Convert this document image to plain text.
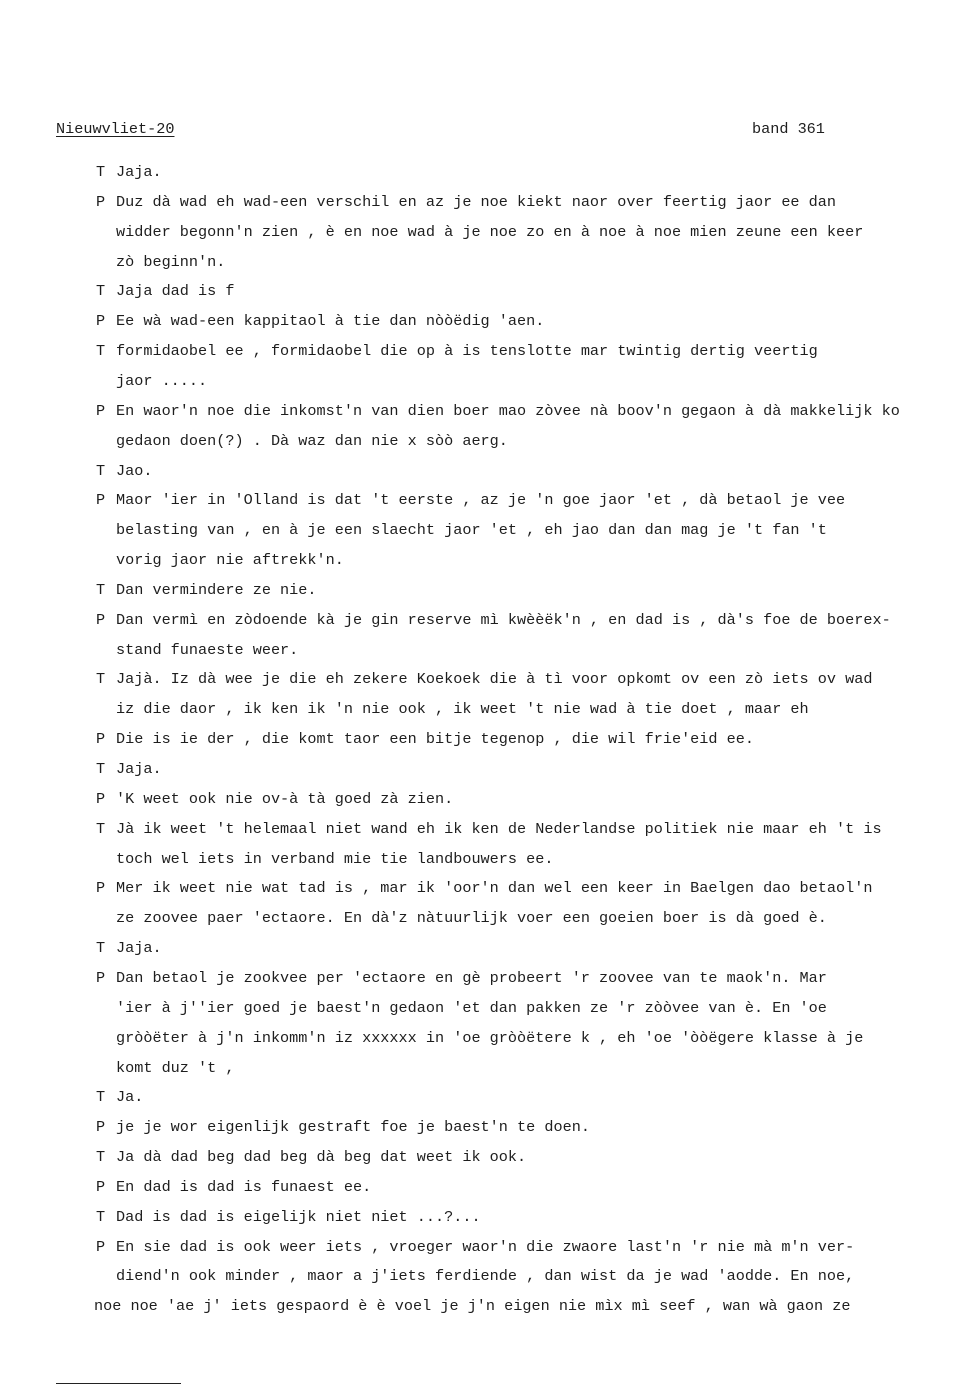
Nieuwvliet-20	band 361
T Jaja.
P Duz dà wad eh wad-een verschil en az je noe kiekt naor over feertig jaor ee dan
widder begonn'n zien , è en noe wad à je noe zo en à noe à noe mien zeune een keer
zò beginn'n.
T Jaja dad is f
P Ee wà wad-een kappitaol à tie dan nòòëdig 'aen.
T formidaobel ee , formidaobel die op à is tenslotte mar twintig dertig veertig
jaor .....
P En waor'n noe die inkomst'n van dien boer mao zòvee nà boov'n gegaon à dà makkelijk ko
gedaon doen(?) . Dà waz dan nie x sòò aerg.
T Jao.
P Maor 'ier in 'Olland is dat 't eerste , az je 'n goe jaor 'et , dà betaol je vee
belasting van , en à je een slaecht jaor 'et , eh jao dan dan mag je 't fan 't
vorig jaor nie aftrekk'n.
T Dan vermindere ze nie.
P Dan vermì en zòdoende kà je gin reserve mì kwèèëk'n , en dad is , dà's foe de boerex-
stand funaeste weer.
T Jajà. Iz dà wee je die eh zekere Koekoek die à tì voor opkomt ov een zò iets ov wad
iz die daor , ik ken ik 'n nie ook , ik weet 't nie wad à tie doet , maar eh
P Die is ie der , die komt taor een bitje tegenop , die wil frie'eid ee.
T Jaja.
P 'K weet ook nie ov-à tà goed zà zien.
T Jà ik weet 't helemaal niet wand eh ik ken de Nederlandse politiek nie maar eh 't is
toch wel iets in verband mie tie landbouwers ee.
P Mer ik weet nie wat tad is , mar ik 'oor'n dan wel een keer in Baelgen dao betaol'n
ze zoovee paer 'ectaore. En dà'z nàtuurlijk voer een goeien boer is dà goed è.
T Jaja.
P Dan betaol je zookvee per 'ectaore en gè probeert 'r zoovee van te maok'n. Mar
'ier à j''ier goed je baest'n gedaon 'et dan pakken ze 'r zòòvee van è. En 'oe
gròòëter à j'n inkomm'n iz xxxxxx in 'oe gròòëtere k , eh 'oe 'òòëgere klasse à je
komt duz 't ,
T Ja.
P je je wor eigenlijk gestraft foe je baest'n te doen.
T Ja dà dad beg dad beg dà beg dat weet ik ook.
P En dad is dad is funaest ee.
T Dad is dad is eigelijk niet niet ...?...
P En sie dad is ook weer iets , vroeger waor'n die zwaore last'n 'r nie mà m'n ver-
diend'n ook minder , maor a j'iets ferdiende , dan wist da je wad 'aodde. En noe,
noe noe 'ae j' iets gespaord è è voel je j'n eigen nie mìx mì seef , wan wà gaon ze
